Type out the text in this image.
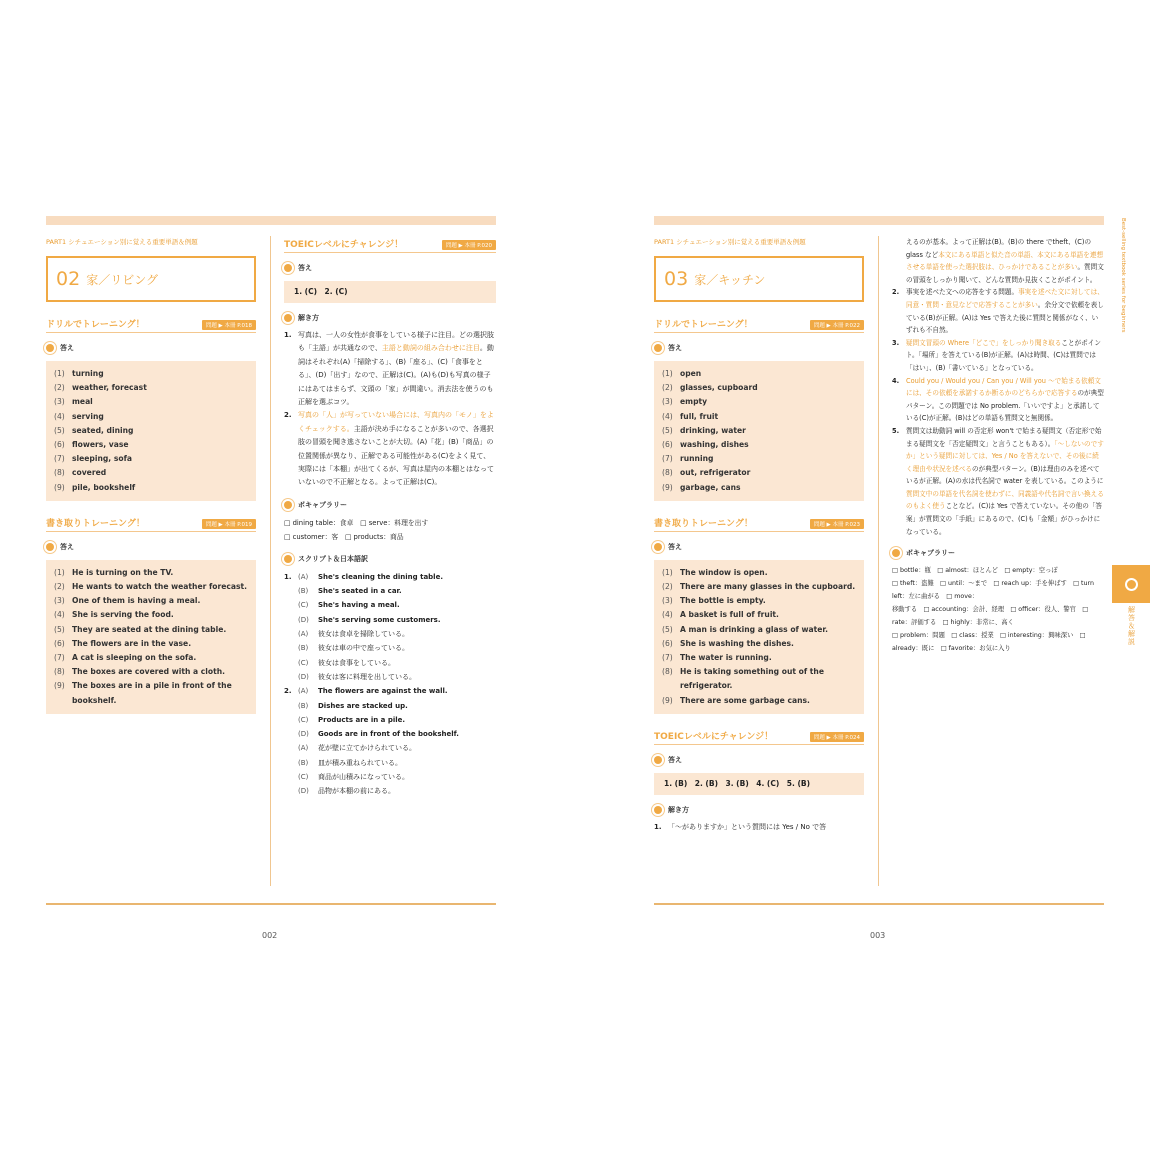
PART1 シチュエーション別に覚える重要単語＆例題
02 家／リビング
ドリルでトレーニング！	問題 ▶ 本冊 P.018
答え
(1) turning
(2) weather, forecast
(3) meal
(4) serving
(5) seated, dining
(6) flowers, vase
(7) sleeping, sofa
(8) covered
(9) pile, bookshelf
書き取りトレーニング！	問題 ▶ 本冊 P.019
答え
(1) He is turning on the TV.
(2) He wants to watch the weather forecast.
(3) One of them is having a meal.
(4) She is serving the food.
(5) They are seated at the dining table.
(6) The flowers are in the vase.
(7) A cat is sleeping on the sofa.
(8) The boxes are covered with a cloth.
(9) The boxes are in a pile in front of the bookshelf.
TOEICレベルにチャレンジ！	問題 ▶ 本冊 P.020
答え
1. (C)　2. (C)
解き方
1. 写真は、一人の女性が食事をしている様子に注目。どの選択肢も「主語」が共通なので、主語と動詞の組み合わせに注目。動詞はそれぞれ(A)「掃除する」、(B)「座る」、(C)「食事をとる」、(D)「出す」なので、正解は(C)。(A)も(D)も写真の様子にはあてはまらず、文頭の「家」が間違い。消去法を使うのも正解を選ぶコツ。
2. 写真の「人」が写っていない場合には、写真内の「モノ」をよくチェックする。主語が決め手になることが多いので、各選択肢の冒頭を聞き逃さないことが大切。(A)「花」(B)「商品」の位置関係が異なり、正解である可能性がある(C)をよく見て、実際には「本棚」が出てくるが、写真は屋内の本棚とはなっていないので不正解となる。よって正解は(C)。
ボキャブラリー
□ dining table：食卓　□ serve：料理を出す
□ customer：客　□ products：商品
スクリプト＆日本語訳
1. (A)	She's cleaning the dining table.
(B)	She's seated in a car.
(C)	She's having a meal.
(D)	She's serving some customers.
(A)	彼女は食卓を掃除している。
(B)	彼女は車の中で座っている。
(C)	彼女は食事をしている。
(D)	彼女は客に料理を出している。
2. (A)	The flowers are against the wall.
(B)	Dishes are stacked up.
(C)	Products are in a pile.
(D)	Goods are in front of the bookshelf.
(A)	花が壁に立てかけられている。
(B)	皿が積み重ねられている。
(C)	商品が山積みになっている。
(D)	品物が本棚の前にある。
002
PART1 シチュエーション別に覚える重要単語＆例題
03 家／キッチン
ドリルでトレーニング！	問題 ▶ 本冊 P.022
答え
(1) open
(2) glasses, cupboard
(3) empty
(4) full, fruit
(5) drinking, water
(6) washing, dishes
(7) running
(8) out, refrigerator
(9) garbage, cans
書き取りトレーニング！	問題 ▶ 本冊 P.023
答え
(1) The window is open.
(2) There are many glasses in the cupboard.
(3) The bottle is empty.
(4) A basket is full of fruit.
(5) A man is drinking a glass of water.
(6) She is washing the dishes.
(7) The water is running.
(8) He is taking something out of the refrigerator.
(9) There are some garbage cans.
TOEICレベルにチャレンジ！	問題 ▶ 本冊 P.024
答え
1. (B)　2. (B)　3. (B)　4. (C)　5. (B)
解き方
1. 「～がありますか」という質問には Yes / No で答
えるのが基本。よって正解は(B)。(B)の there でtheft、(C)の glass など本文にある単語と似た音の単語、本文にある単語を連想させる単語を使った選択肢は、ひっかけであることが多い。質問文の冒頭をしっかり聞いて、どんな質問か見抜くことがポイント。
2.	事実を述べた文への応答をする問題。事実を述べた文に対しては、同意・質問・意見などで応答することが多い。余分文で依頼を表している(B)が正解。(A)は Yes で答えた後に質問と関係がなく、いずれも不自然。
3.	疑問文冒頭の Where「どこで」をしっかり聞き取ることがポイント。「場所」を答えている(B)が正解。(A)は時間、(C)は質問では「はい」、(B)「書いている」となっている。
4.	Could you / Would you / Can you / Will you ～で始まる依頼文には、その依頼を承諾するか断るかのどちらかで応答するのが典型パターン。この問題では No problem.「いいですよ」と承諾している(C)が正解。(B)はどの単語も質問文と無関係。
5.	質問文は助動詞 will の否定形 won't で始まる疑問文（否定形で始まる疑問文を「否定疑問文」と言うこともある）。「～しないのですか」という疑問に対しては、Yes / No を答えないで、その後に続く理由や状況を述べるのが典型パターン。(B)は理由のみを述べているが正解。(A)の水は代名詞で water を表している。このように質問文中の単語を代名詞を使わずに、同義語や代名詞で言い換えるのもよく使うことなど。(C)は Yes で答えていない。その他の「答案」が質問文の「手紙」にあるので、(C)も「金額」がひっかけになっている。
ボキャブラリー
□ bottle：瓶　□ almost：ほとんど　□ empty：空っぽ
□ theft：盗難　□ until：～まで　□ reach up：手を伸ばす　□ turn left：左に曲がる　□ move：
移動する　□ accounting：会計、経理　□ officer：役人、警官　□ rate：評価する　□ highly：非常に、高く
□ problem：問題　□ class：授業　□ interesting：興味深い　□ already：既に　□ favorite：お気に入り
003
Best-selling textbook series for beginners
解答＆解説
